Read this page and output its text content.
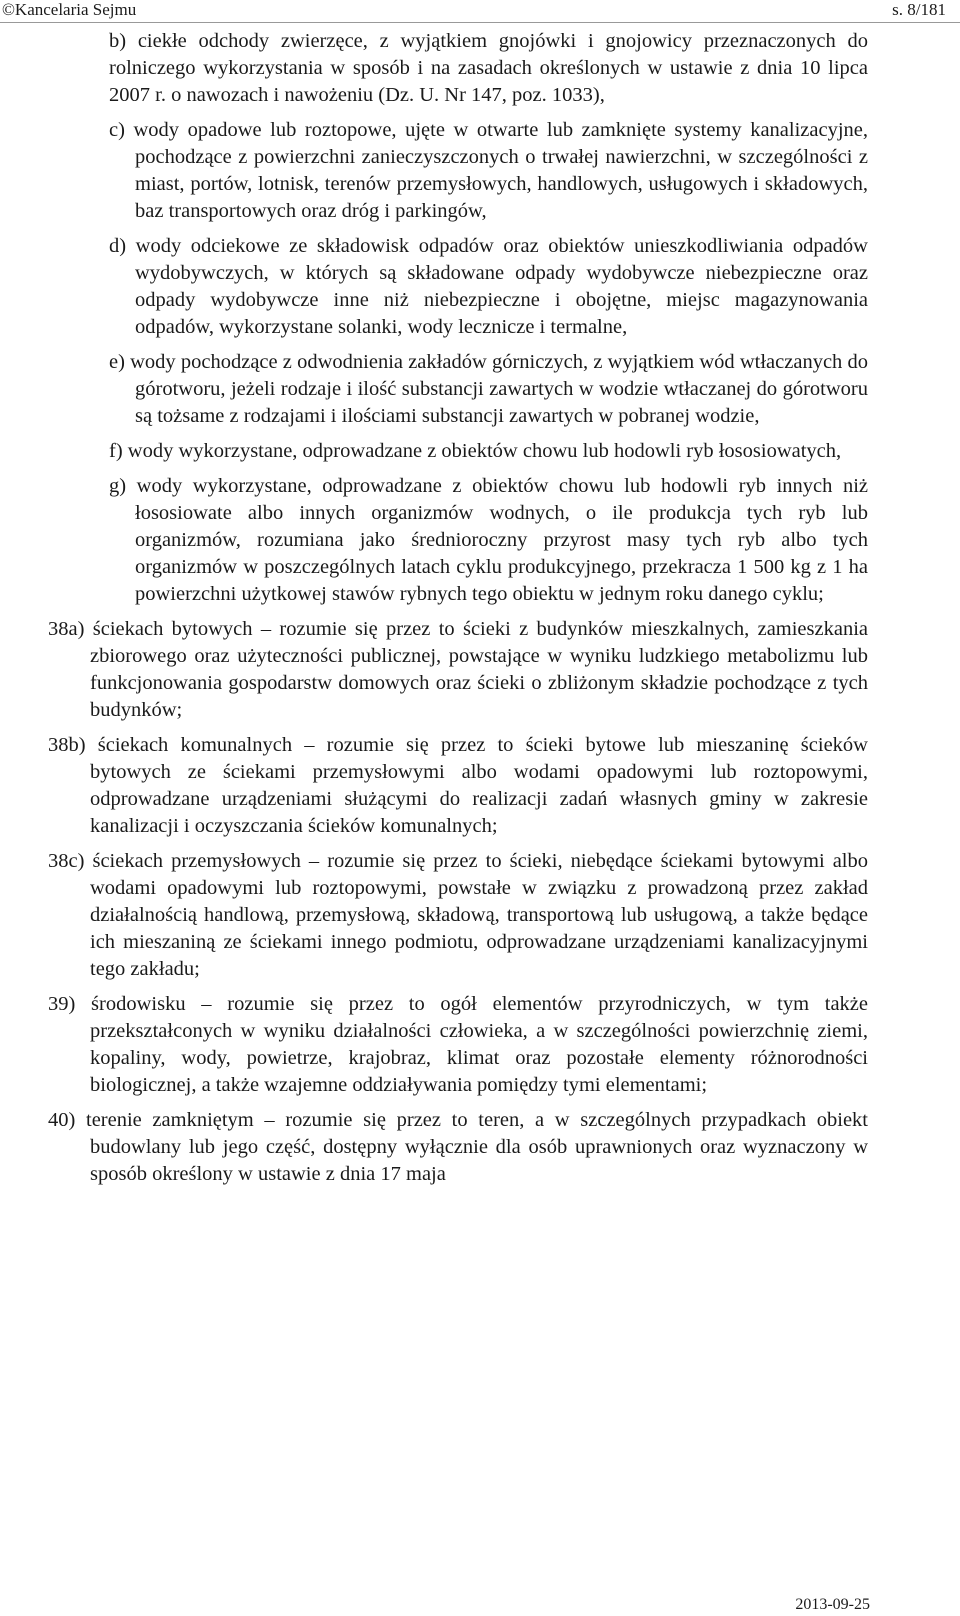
©Kancelaria Sejmu	s. 8/181

b) ciekłe odchody zwierzęce, z wyjątkiem gnojówki i gnojowicy przeznaczonych do rolniczego wykorzystania w sposób i na zasadach określonych w ustawie z dnia 10 lipca 2007 r. o nawozach i nawożeniu (Dz. U. Nr 147, poz. 1033),

c) wody opadowe lub roztopowe, ujęte w otwarte lub zamknięte systemy kanalizacyjne, pochodzące z powierzchni zanieczyszczonych o trwałej nawierzchni, w szczególności z miast, portów, lotnisk, terenów przemysłowych, handlowych, usługowych i składowych, baz transportowych oraz dróg i parkingów,

d) wody odciekowe ze składowisk odpadów oraz obiektów unieszkodliwiania odpadów wydobywczych, w których są składowane odpady wydobywcze niebezpieczne oraz odpady wydobywcze inne niż niebezpieczne i obojętne, miejsc magazynowania odpadów, wykorzystane solanki, wody lecznicze i termalne,

e) wody pochodzące z odwodnienia zakładów górniczych, z wyjątkiem wód wtłaczanych do górotworu, jeżeli rodzaje i ilość substancji zawartych w wodzie wtłaczanej do górotworu są tożsame z rodzajami i ilościami substancji zawartych w pobranej wodzie,

f) wody wykorzystane, odprowadzane z obiektów chowu lub hodowli ryb łososiowatych,

g) wody wykorzystane, odprowadzane z obiektów chowu lub hodowli ryb innych niż łososiowate albo innych organizmów wodnych, o ile produkcja tych ryb lub organizmów, rozumiana jako średnioroczny przyrost masy tych ryb albo tych organizmów w poszczególnych latach cyklu produkcyjnego, przekracza 1 500 kg z 1 ha powierzchni użytkowej stawów rybnych tego obiektu w jednym roku danego cyklu;

38a) ściekach bytowych – rozumie się przez to ścieki z budynków mieszkalnych, zamieszkania zbiorowego oraz użyteczności publicznej, powstające w wyniku ludzkiego metabolizmu lub funkcjonowania gospodarstw domowych oraz ścieki o zbliżonym składzie pochodzące z tych budynków;

38b) ściekach komunalnych – rozumie się przez to ścieki bytowe lub mieszaninę ścieków bytowych ze ściekami przemysłowymi albo wodami opadowymi lub roztopowymi, odprowadzane urządzeniami służącymi do realizacji zadań własnych gminy w zakresie kanalizacji i oczyszczania ścieków komunalnych;

38c) ściekach przemysłowych – rozumie się przez to ścieki, niebędące ściekami bytowymi albo wodami opadowymi lub roztopowymi, powstałe w związku z prowadzoną przez zakład działalnością handlową, przemysłową, składową, transportową lub usługową, a także będące ich mieszaniną ze ściekami innego podmiotu, odprowadzane urządzeniami kanalizacyjnymi tego zakładu;

39) środowisku – rozumie się przez to ogół elementów przyrodniczych, w tym także przekształconych w wyniku działalności człowieka, a w szczególności powierzchnię ziemi, kopaliny, wody, powietrze, krajobraz, klimat oraz pozostałe elementy różnorodności biologicznej, a także wzajemne oddziaływania pomiędzy tymi elementami;

40) terenie zamkniętym – rozumie się przez to teren, a w szczególnych przypadkach obiekt budowlany lub jego część, dostępny wyłącznie dla osób uprawnionych oraz wyznaczony w sposób określony w ustawie z dnia 17 maja

2013-09-25
